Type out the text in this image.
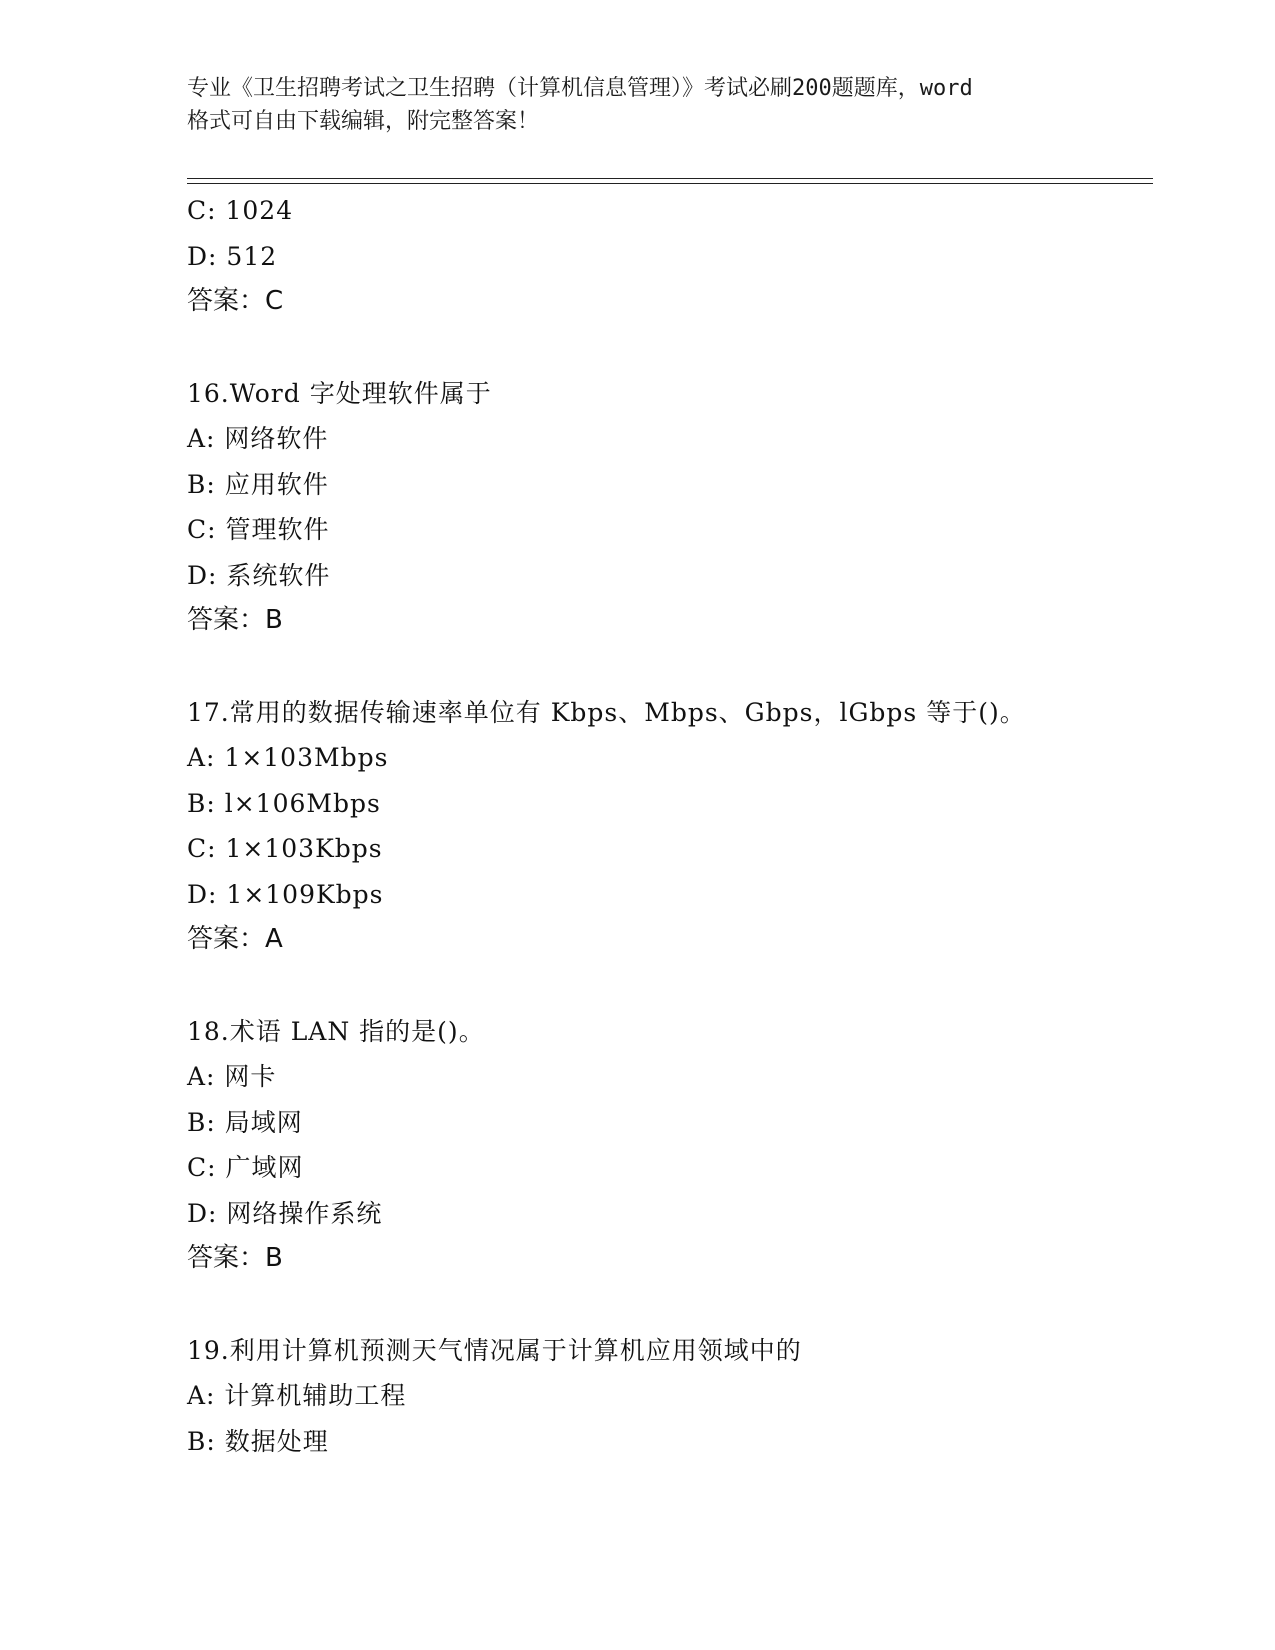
专业《卫生招聘考试之卫生招聘（计算机信息管理）》考试必刷200题题库，word
格式可自由下载编辑，附完整答案！
C: 1024
D: 512
答案：C
16.Word 字处理软件属于
A: 网络软件
B: 应用软件
C: 管理软件
D: 系统软件
答案：B
17.常用的数据传输速率单位有 Kbps、Mbps、Gbps，lGbps 等于()。
A: 1×103Mbps
B: l×106Mbps
C: 1×103Kbps
D: 1×109Kbps
答案：A
18.术语 LAN 指的是()。
A: 网卡
B: 局域网
C: 广域网
D: 网络操作系统
答案：B
19.利用计算机预测天气情况属于计算机应用领域中的
A: 计算机辅助工程
B: 数据处理
